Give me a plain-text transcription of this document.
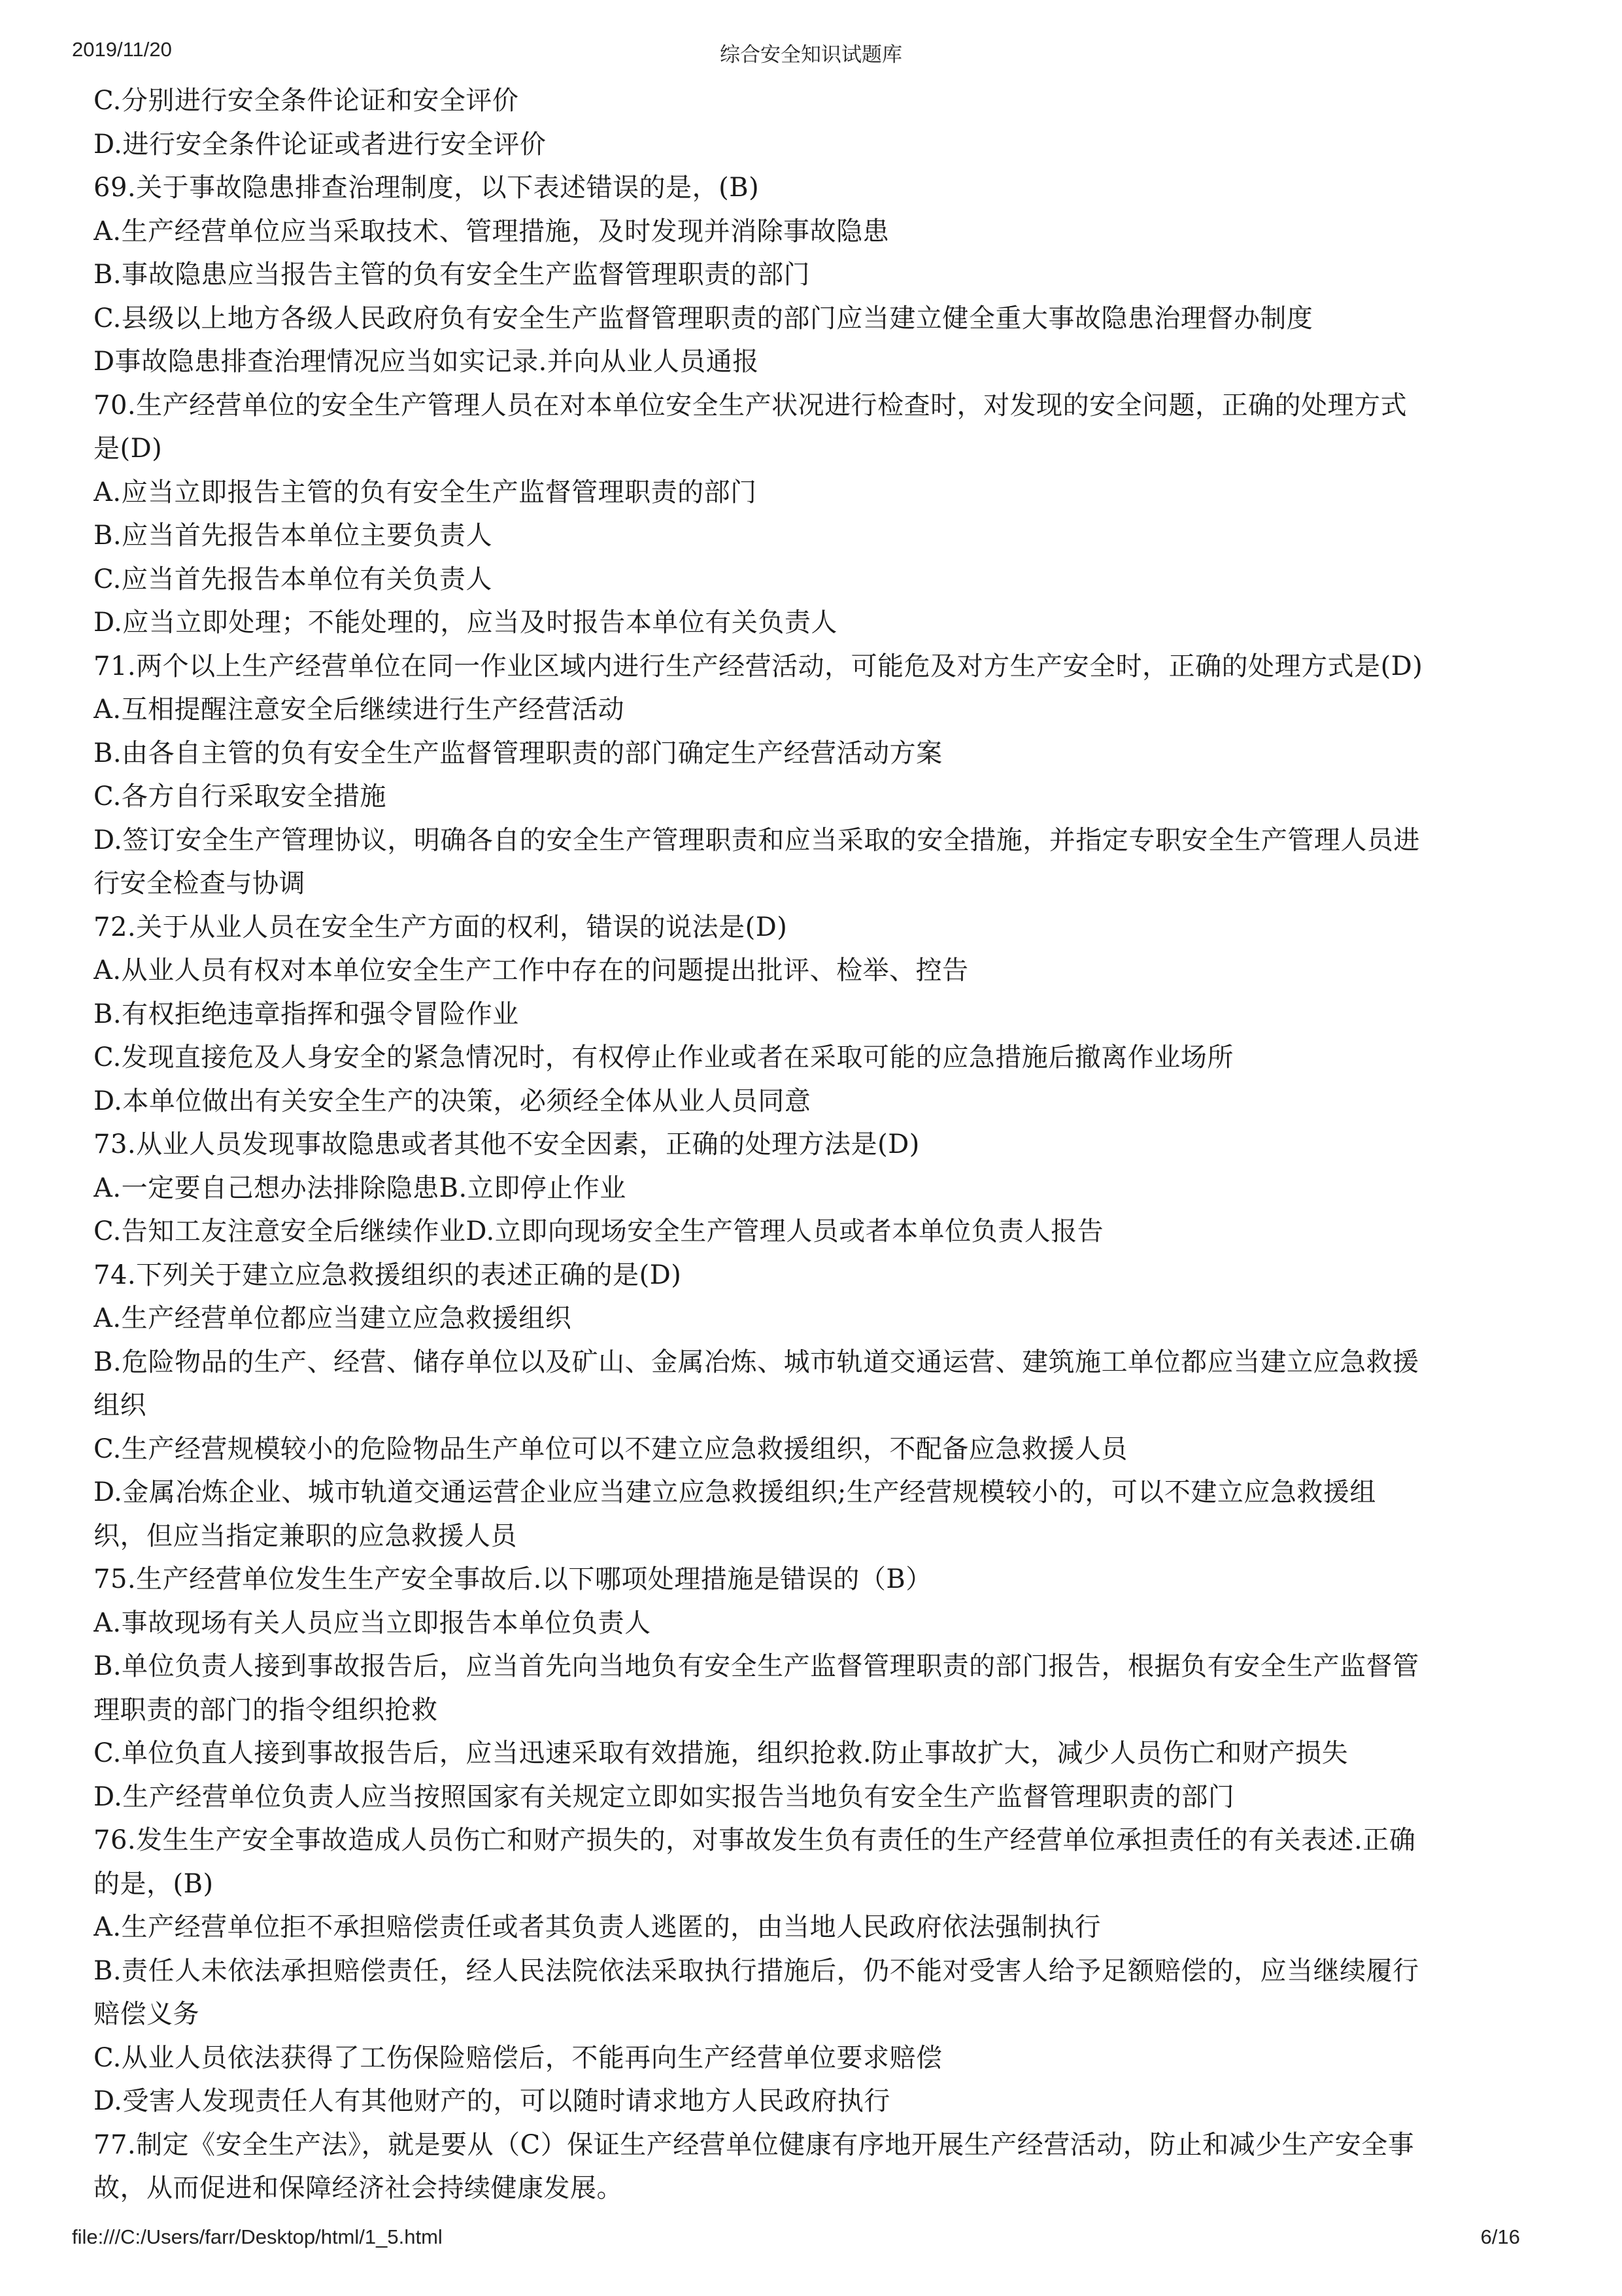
2019/11/20	综合安全知识试题库
C.分别进行安全条件论证和安全评价
D.进行安全条件论证或者进行安全评价
69.关于事故隐患排查治理制度，以下表述错误的是，(B)
A.生产经营单位应当采取技术、管理措施，及时发现并消除事故隐患
B.事故隐患应当报告主管的负有安全生产监督管理职责的部门
C.县级以上地方各级人民政府负有安全生产监督管理职责的部门应当建立健全重大事故隐患治理督办制度
D事故隐患排查治理情况应当如实记录.并向从业人员通报
70.生产经营单位的安全生产管理人员在对本单位安全生产状况进行检查时，对发现的安全问题，正确的处理方式
是(D)
A.应当立即报告主管的负有安全生产监督管理职责的部门
B.应当首先报告本单位主要负责人
C.应当首先报告本单位有关负责人
D.应当立即处理；不能处理的，应当及时报告本单位有关负责人
71.两个以上生产经营单位在同一作业区域内进行生产经营活动，可能危及对方生产安全时，正确的处理方式是(D)
A.互相提醒注意安全后继续进行生产经营活动
B.由各自主管的负有安全生产监督管理职责的部门确定生产经营活动方案
C.各方自行采取安全措施
D.签订安全生产管理协议，明确各自的安全生产管理职责和应当采取的安全措施，并指定专职安全生产管理人员进
行安全检查与协调
72.关于从业人员在安全生产方面的权利，错误的说法是(D)
A.从业人员有权对本单位安全生产工作中存在的问题提出批评、检举、控告
B.有权拒绝违章指挥和强令冒险作业
C.发现直接危及人身安全的紧急情况时，有权停止作业或者在采取可能的应急措施后撤离作业场所
D.本单位做出有关安全生产的决策，必须经全体从业人员同意
73.从业人员发现事故隐患或者其他不安全因素，正确的处理方法是(D)
A.一定要自己想办法排除隐患B.立即停止作业
C.告知工友注意安全后继续作业D.立即向现场安全生产管理人员或者本单位负责人报告
74.下列关于建立应急救援组织的表述正确的是(D)
A.生产经营单位都应当建立应急救援组织
B.危险物品的生产、经营、储存单位以及矿山、金属冶炼、城市轨道交通运营、建筑施工单位都应当建立应急救援
组织
C.生产经营规模较小的危险物品生产单位可以不建立应急救援组织，不配备应急救援人员
D.金属冶炼企业、城市轨道交通运营企业应当建立应急救援组织;生产经营规模较小的，可以不建立应急救援组
织，但应当指定兼职的应急救援人员
75.生产经营单位发生生产安全事故后.以下哪项处理措施是错误的（B）
A.事故现场有关人员应当立即报告本单位负责人
B.单位负责人接到事故报告后，应当首先向当地负有安全生产监督管理职责的部门报告，根据负有安全生产监督管
理职责的部门的指令组织抢救
C.单位负直人接到事故报告后，应当迅速采取有效措施，组织抢救.防止事故扩大，减少人员伤亡和财产损失
D.生产经营单位负责人应当按照国家有关规定立即如实报告当地负有安全生产监督管理职责的部门
76.发生生产安全事故造成人员伤亡和财产损失的，对事故发生负有责任的生产经营单位承担责任的有关表述.正确
的是，(B)
A.生产经营单位拒不承担赔偿责任或者其负责人逃匿的，由当地人民政府依法强制执行
B.责任人未依法承担赔偿责任，经人民法院依法采取执行措施后，仍不能对受害人给予足额赔偿的，应当继续履行
赔偿义务
C.从业人员依法获得了工伤保险赔偿后，不能再向生产经营单位要求赔偿
D.受害人发现责任人有其他财产的，可以随时请求地方人民政府执行
77.制定《安全生产法》，就是要从（C）保证生产经营单位健康有序地开展生产经营活动，防止和减少生产安全事
故，从而促进和保障经济社会持续健康发展。
file:///C:/Users/farr/Desktop/html/1_5.html	6/16
